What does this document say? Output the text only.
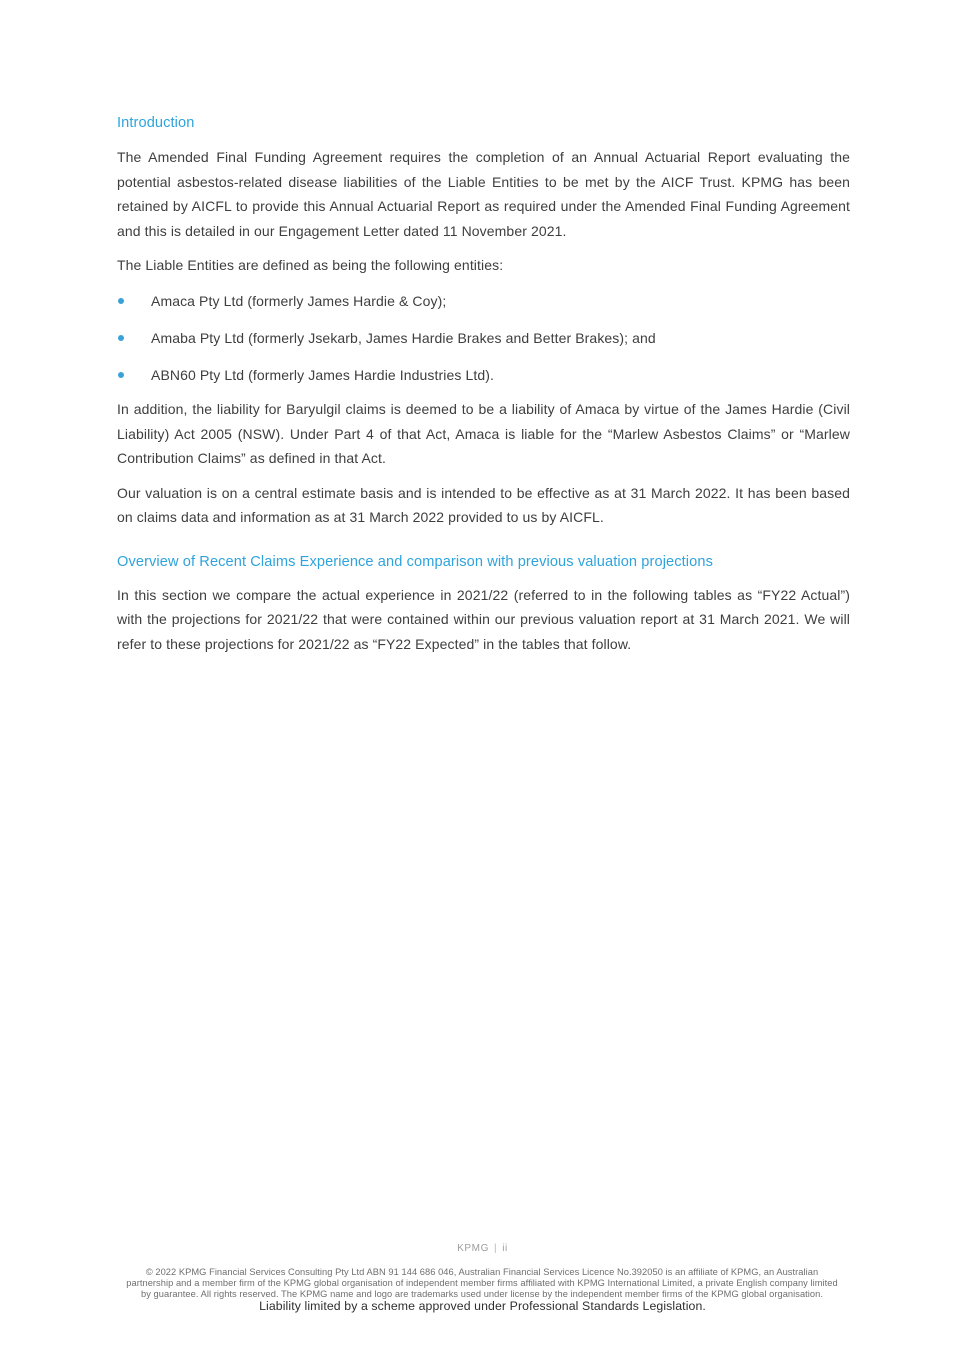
Introduction

The Amended Final Funding Agreement requires the completion of an Annual Actuarial Report evaluating the potential asbestos-related disease liabilities of the Liable Entities to be met by the AICF Trust. KPMG has been retained by AICFL to provide this Annual Actuarial Report as required under the Amended Final Funding Agreement and this is detailed in our Engagement Letter dated 11 November 2021.

The Liable Entities are defined as being the following entities:

Amaca Pty Ltd (formerly James Hardie & Coy);
Amaba Pty Ltd (formerly Jsekarb, James Hardie Brakes and Better Brakes); and
ABN60 Pty Ltd (formerly James Hardie Industries Ltd).

In addition, the liability for Baryulgil claims is deemed to be a liability of Amaca by virtue of the James Hardie (Civil Liability) Act 2005 (NSW). Under Part 4 of that Act, Amaca is liable for the “Marlew Asbestos Claims” or “Marlew Contribution Claims” as defined in that Act.

Our valuation is on a central estimate basis and is intended to be effective as at 31 March 2022. It has been based on claims data and information as at 31 March 2022 provided to us by AICFL.

Overview of Recent Claims Experience and comparison with previous valuation projections

In this section we compare the actual experience in 2021/22 (referred to in the following tables as “FY22 Actual”) with the projections for 2021/22 that were contained within our previous valuation report at 31 March 2021. We will refer to these projections for 2021/22 as “FY22 Expected” in the tables that follow.

KPMG | ii
© 2022 KPMG Financial Services Consulting Pty Ltd ABN 91 144 686 046, Australian Financial Services Licence No.392050 is an affiliate of KPMG, an Australian partnership and a member firm of the KPMG global organisation of independent member firms affiliated with KPMG International Limited, a private English company limited by guarantee. All rights reserved. The KPMG name and logo are trademarks used under license by the independent member firms of the KPMG global organisation.
Liability limited by a scheme approved under Professional Standards Legislation.
